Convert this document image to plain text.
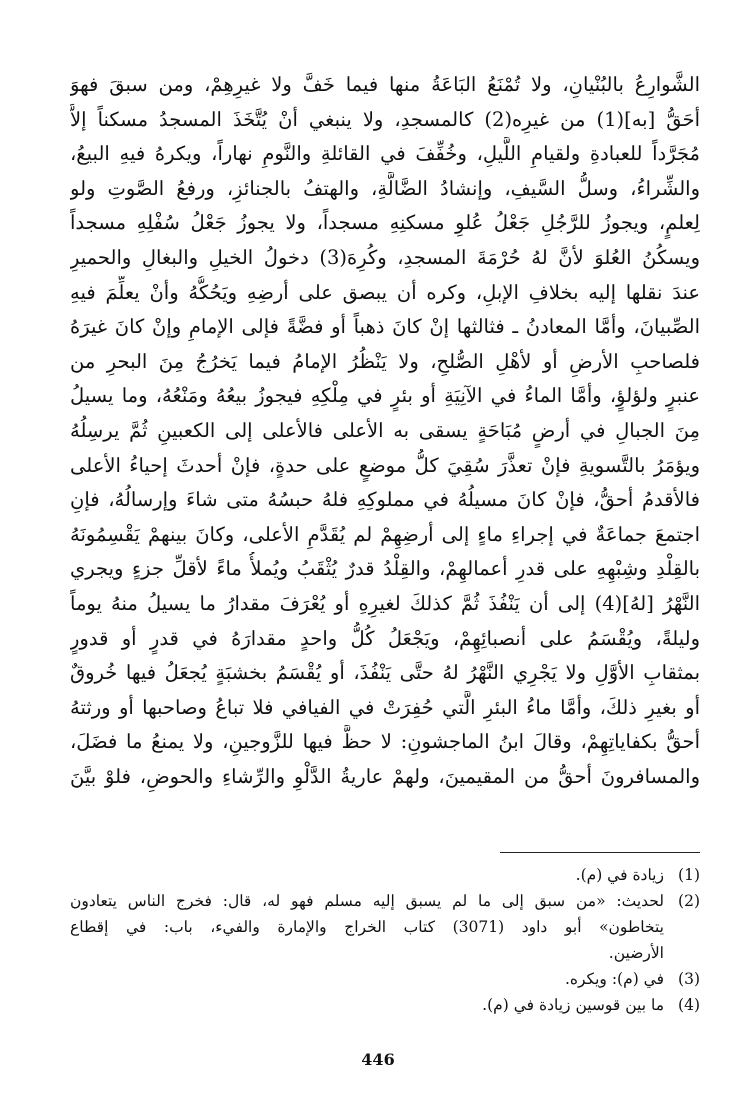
الشَّوارِعُ بالبُنْيانِ، ولا تُمْنَعُ البَاعَةُ منها فيما خَفَّ ولا غيرِهِمْ، ومن سبقَ فهوَ
أحَقُّ [به](1) من غيرِه(2) كالمسجدِ، ولا ينبغي أنْ يُتَّخَذَ المسجدُ مسكناً إلاَّ
مُجَرَّداً للعبادةِ ولقيامِ اللَّيلِ، وخُفِّفَ في القائلةِ والنَّومِ نهاراً، ويكرهُ فيهِ البيعُ،
والشِّراءُ، وسلُّ السَّيفِ، وإنشادُ الضَّالَّةِ، والهتفُ بالجنائزِ، ورفعُ الصَّوتِ ولو
لِعلمٍ، ويجوزُ للرَّجُلِ جَعْلُ عُلوِ مسكنِهِ مسجداً، ولا يجوزُ جَعْلُ سُفْلِهِ مسجداً
ويسكُنُ العُلوَ لأنَّ لهُ حُرْمَةَ المسجدِ، وكُرِهَ(3) دخولُ الخيلِ والبغالِ والحميرِ
عندَ نقلها إليه بخلافِ الإبلِ، وكره أن يبصق على أرضِهِ ويَحُكُّهُ وأنْ يعلِّمَ فيهِ
الصِّبيانَ، وأمَّا المعادنُ ـ فثالثها إنْ كانَ ذهباً أو فضَّةً فإلى الإمامِ وإنْ كانَ غيرَهُ
فلصاحبِ الأرضِ أو لأهْلِ الصُّلحِ، ولا يَنْظُرُ الإمامُ فيما يَخرُجُ مِنَ البحرِ من
عنبرٍ ولؤلؤٍ، وأمَّا الماءُ في الآنِيَةِ أو بئرٍ في مِلْكِهِ فيجوزُ بيعُهُ ومَنْعُهُ، وما يسيلُ
مِنَ الجبالِ في أرضٍ مُبَاحَةٍ يسقى به الأعلى فالأعلى إلى الكعبينِ ثُمَّ يرسِلُهُ
ويؤمَرُ بالتَّسويةِ فإنْ تعذَّرَ سُقِيَ كلُّ موضعٍ على حدةٍ، فإنْ أحدثَ إحياءُ الأعلى
فالأقدمُ أحقُّ، فإنْ كانَ مسيلُهُ في مملوكِهِ فلهُ حبسُهُ متى شاءَ وإرسالُهُ، فإنِ
اجتمعَ جماعَةٌ في إجراءِ ماءٍ إلى أرضِهِمْ لم يُقَدَّمِ الأعلى، وكانَ بينهمْ يَقْسِمُونَهُ
بالقِلْدِ وشِبْهِهِ على قدرِ أعمالهِمْ، والقِلْدُ قدرٌ يُثْقَبُ ويُملأُ ماءً لأقلِّ جزءٍ ويجري
النَّهْرُ [لهُ](4) إلى أن يَنْفُذَ ثُمَّ كذلكَ لغيرِهِ أو يُعْرَفَ مقدارُ ما يسيلُ منهُ يوماً
وليلةً، ويُقْسَمُ على أنصبائِهِمْ، ويَجْعَلُ كُلُّ واحدٍ مقدارَهُ في قدرٍ أو قدورٍ
بمثقابِ الأوَّلِ ولا يَجْرِي النَّهْرُ لهُ حتَّى يَنْفُذَ، أو يُقْسَمُ بخشبَةٍ يُجعَلُ فيها خُروقٌ
أو بغيرِ ذلكَ، وأمَّا ماءُ البئرِ الَّتي حُفِرَتْ في الفيافي فلا تباعُ وصاحبها أو ورثتهُ
أحقُّ بكفاياتِهِمْ، وقالَ ابنُ الماجشونِ: لا حظَّ فيها للزَّوجينِ، ولا يمنعُ ما فضَلَ،
والمسافرونَ أحقُّ من المقيمينَ، ولهمْ عاريةُ الدَّلْوِ والرِّشاءِ والحوضِ، فلوْ بيَّنَ
(1)
زيادة في (م).
(2)
لحديث: «من سبق إلى ما لم يسبق إليه مسلم فهو له، قال: فخرج الناس يتعادون
يتخاطون» أبو داود (3071) كتاب الخراج والإمارة والفيء، باب: في إقطاع
الأرضين.
(3)
في (م): ويكره.
(4)
ما بين قوسين زيادة في (م).
446
